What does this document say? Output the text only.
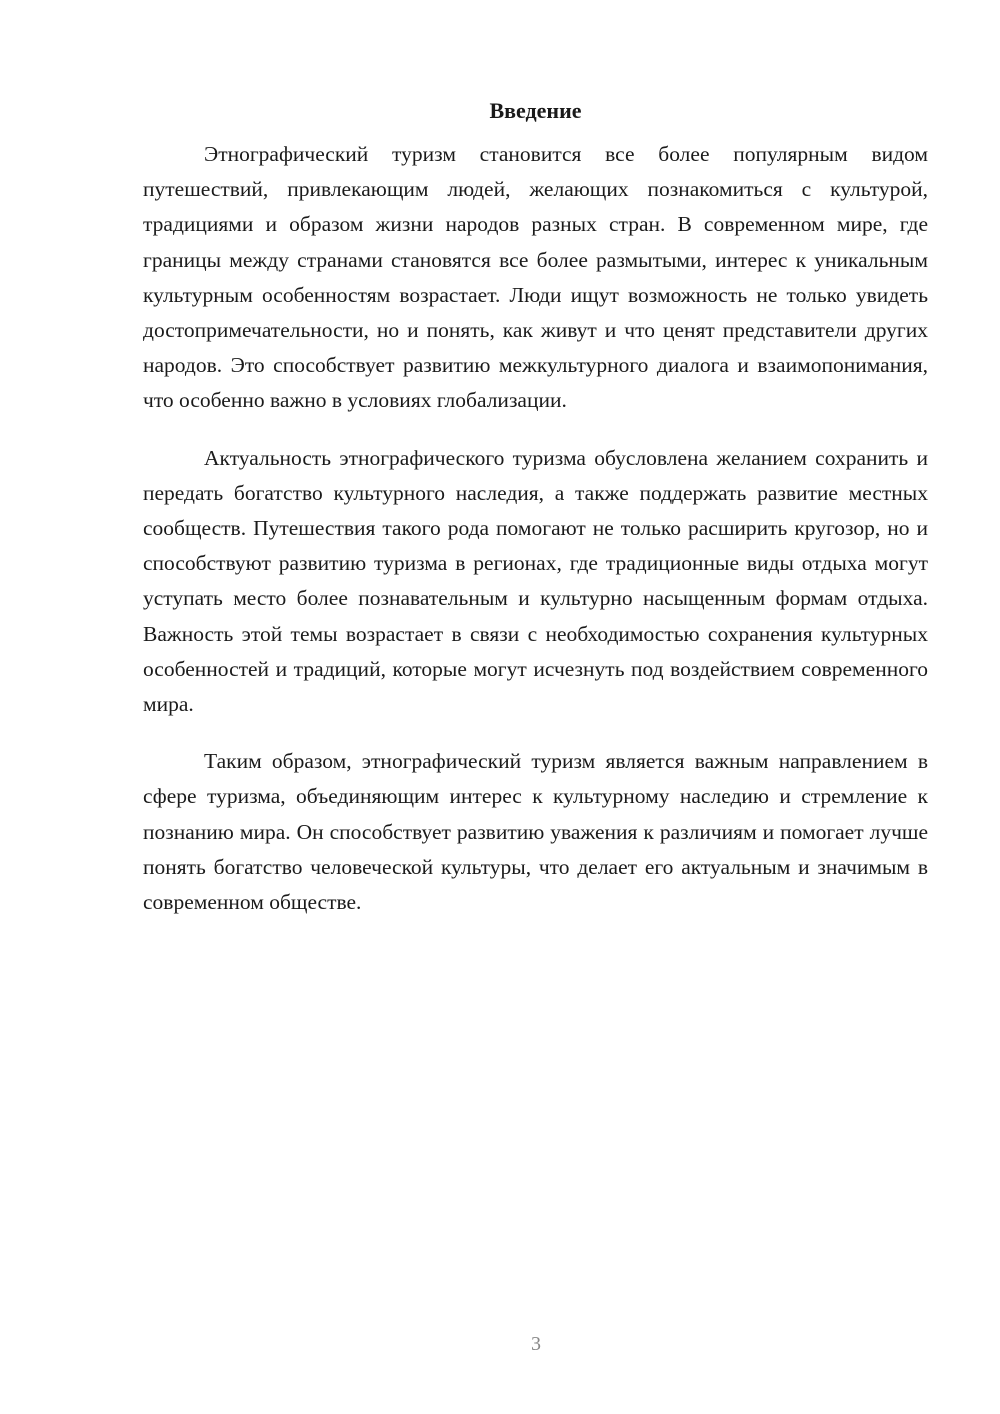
Введение

Этнографический туризм становится все более популярным видом путешествий, привлекающим людей, желающих познакомиться с культурой, традициями и образом жизни народов разных стран. В современном мире, где границы между странами становятся все более размытыми, интерес к уникальным культурным особенностям возрастает. Люди ищут возможность не только увидеть достопримечательности, но и понять, как живут и что ценят представители других народов. Это способствует развитию межкультурного диалога и взаимопонимания, что особенно важно в условиях глобализации.

Актуальность этнографического туризма обусловлена желанием сохранить и передать богатство культурного наследия, а также поддержать развитие местных сообществ. Путешествия такого рода помогают не только расширить кругозор, но и способствуют развитию туризма в регионах, где традиционные виды отдыха могут уступать место более познавательным и культурно насыщенным формам отдыха. Важность этой темы возрастает в связи с необходимостью сохранения культурных особенностей и традиций, которые могут исчезнуть под воздействием современного мира.

Таким образом, этнографический туризм является важным направлением в сфере туризма, объединяющим интерес к культурному наследию и стремление к познанию мира. Он способствует развитию уважения к различиям и помогает лучше понять богатство человеческой культуры, что делает его актуальным и значимым в современном обществе.

3
